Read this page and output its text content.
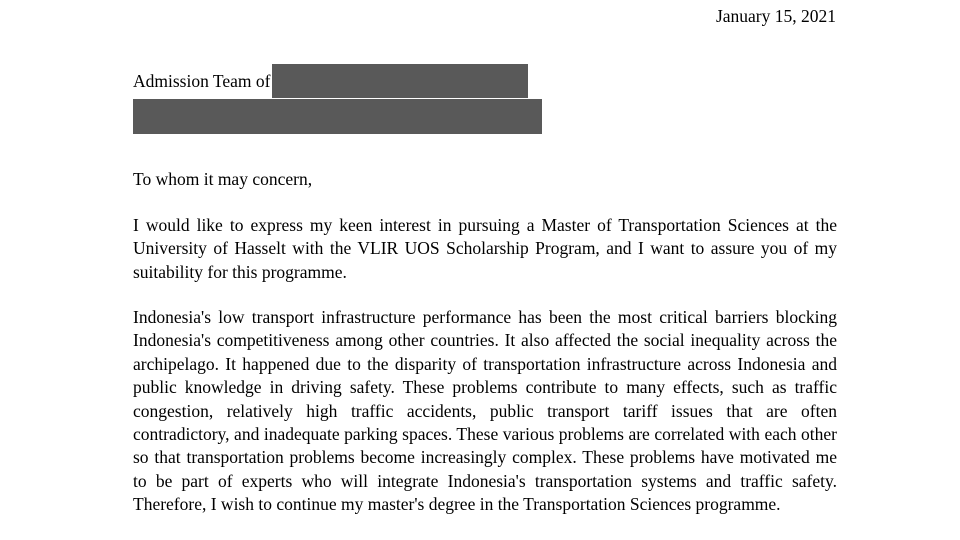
January 15, 2021
Admission Team of
To whom it may concern,

I would like to express my keen interest in pursuing a Master of Transportation Sciences at the University of Hasselt with the VLIR UOS Scholarship Program, and I want to assure you of my suitability for this programme.

Indonesia's low transport infrastructure performance has been the most critical barriers blocking Indonesia's competitiveness among other countries. It also affected the social inequality across the archipelago. It happened due to the disparity of transportation infrastructure across Indonesia and public knowledge in driving safety. These problems contribute to many effects, such as traffic congestion, relatively high traffic accidents, public transport tariff issues that are often contradictory, and inadequate parking spaces. These various problems are correlated with each other so that transportation problems become increasingly complex. These problems have motivated me to be part of experts who will integrate Indonesia's transportation systems and traffic safety. Therefore, I wish to continue my master's degree in the Transportation Sciences programme.
